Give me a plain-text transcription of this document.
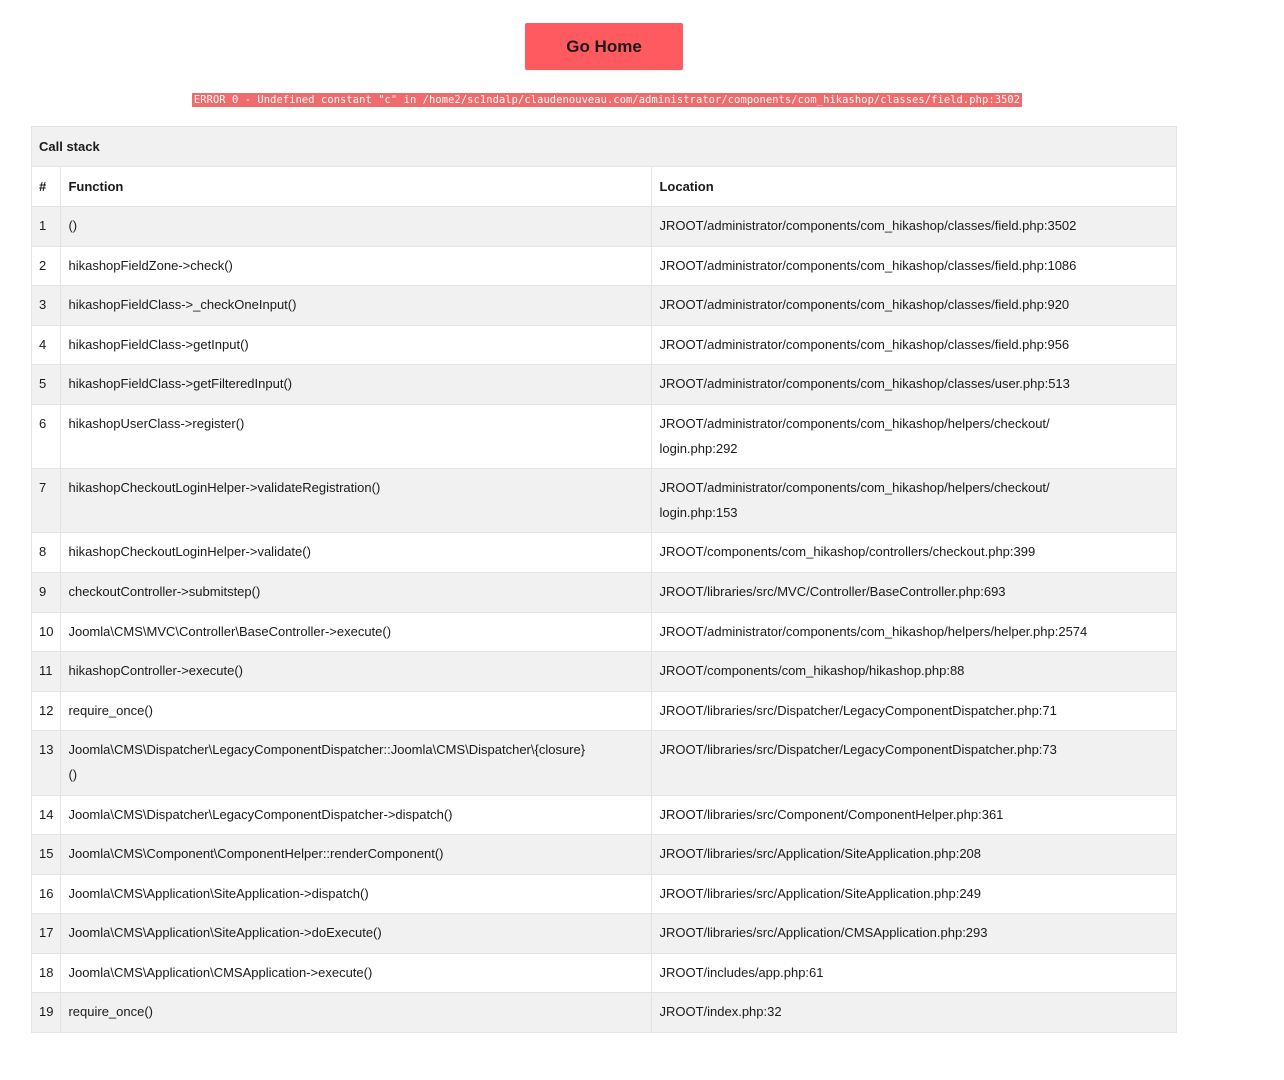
Go Home
ERROR 0 - Undefined constant "c" in /home2/sc1ndalp/claudenouveau.com/administrator/components/com_hikashop/classes/field.php:3502
Call stack		
#	Function	Location
1	()	JROOT/administrator/components/com_hikashop/classes/field.php:3502
2	hikashopFieldZone->check()	JROOT/administrator/components/com_hikashop/classes/field.php:1086
3	hikashopFieldClass->_checkOneInput()	JROOT/administrator/components/com_hikashop/classes/field.php:920
4	hikashopFieldClass->getInput()	JROOT/administrator/components/com_hikashop/classes/field.php:956
5	hikashopFieldClass->getFilteredInput()	JROOT/administrator/components/com_hikashop/classes/user.php:513
6	hikashopUserClass->register()	JROOT/administrator/components/com_hikashop/helpers/checkout/
login.php:292
7	hikashopCheckoutLoginHelper->validateRegistration()	JROOT/administrator/components/com_hikashop/helpers/checkout/
login.php:153
8	hikashopCheckoutLoginHelper->validate()	JROOT/components/com_hikashop/controllers/checkout.php:399
9	checkoutController->submitstep()	JROOT/libraries/src/MVC/Controller/BaseController.php:693
10	Joomla\CMS\MVC\Controller\BaseController->execute()	JROOT/administrator/components/com_hikashop/helpers/helper.php:2574
11	hikashopController->execute()	JROOT/components/com_hikashop/hikashop.php:88
12	require_once()	JROOT/libraries/src/Dispatcher/LegacyComponentDispatcher.php:71
13	Joomla\CMS\Dispatcher\LegacyComponentDispatcher::Joomla\CMS\Dispatcher\{closure}
()	JROOT/libraries/src/Dispatcher/LegacyComponentDispatcher.php:73
14	Joomla\CMS\Dispatcher\LegacyComponentDispatcher->dispatch()	JROOT/libraries/src/Component/ComponentHelper.php:361
15	Joomla\CMS\Component\ComponentHelper::renderComponent()	JROOT/libraries/src/Application/SiteApplication.php:208
16	Joomla\CMS\Application\SiteApplication->dispatch()	JROOT/libraries/src/Application/SiteApplication.php:249
17	Joomla\CMS\Application\SiteApplication->doExecute()	JROOT/libraries/src/Application/CMSApplication.php:293
18	Joomla\CMS\Application\CMSApplication->execute()	JROOT/includes/app.php:61
19	require_once()	JROOT/index.php:32
